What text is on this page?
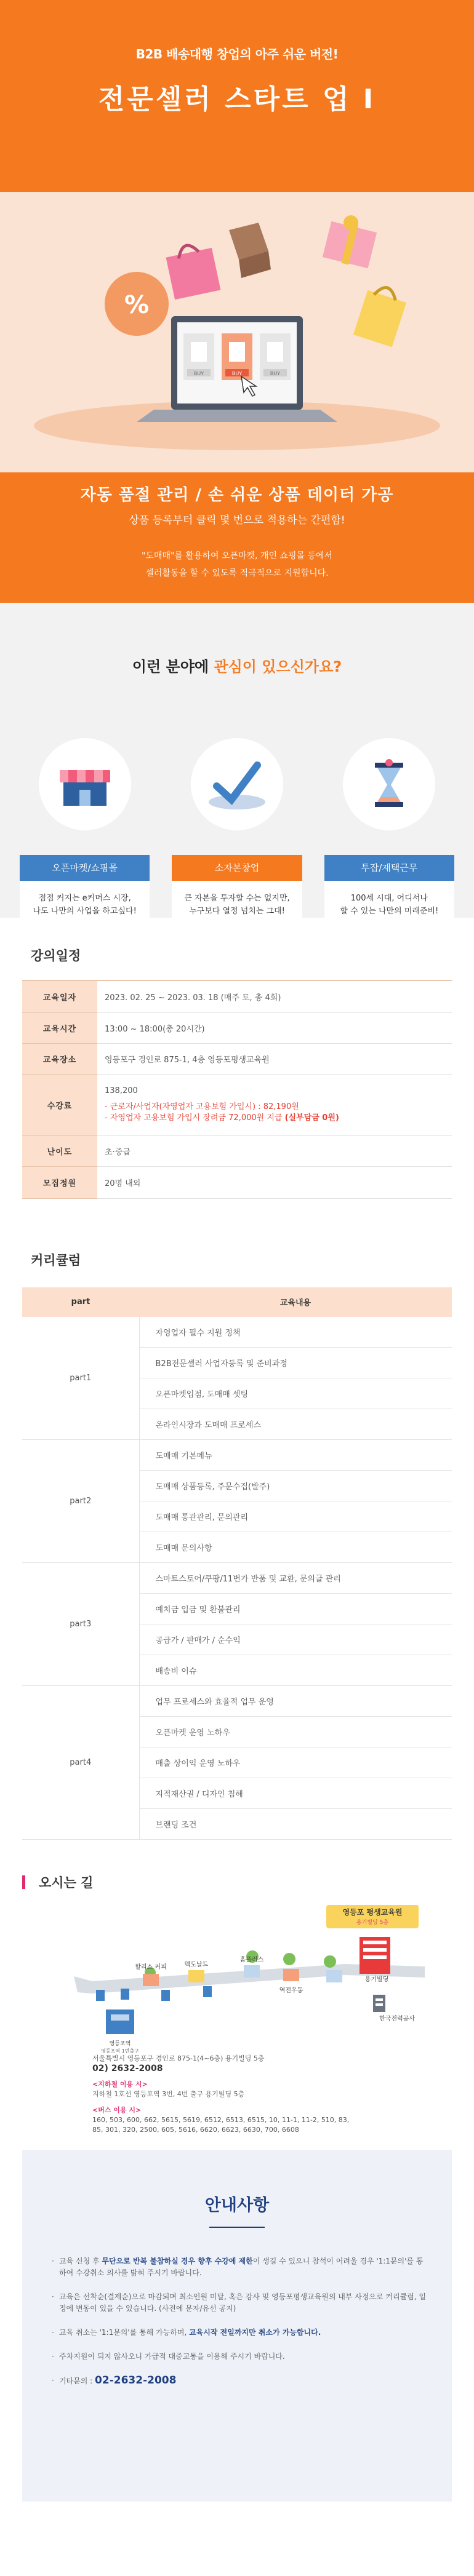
B2B 배송대행 창업의 아주 쉬운 버전!
전문셀러 스타트 업 Ⅰ
%
BUY	BUY	BUY
자동 품절 관리 / 손 쉬운 상품 데이터 가공
상품 등록부터 클릭 몇 번으로 적용하는 간편함!
"도매매"를 활용하여 오픈마켓, 개인 쇼핑몰 등에서
셀러활동을 할 수 있도록 적극적으로 지원합니다.
이런 분야에 관심이 있으신가요?
오픈마켓/쇼핑몰
점점 커지는 e커머스 시장,
나도 나만의 사업을 하고싶다!
소자본창업
큰 자본을 투자할 수는 없지만,
누구보다 열정 넘치는 그대!
투잡/재택근무
100세 시대, 어디서나
할 수 있는 나만의 미래준비!
강의일정
교육일자	2023. 02. 25 ~ 2023. 03. 18 (매주 토, 총 4회)
교육시간	13:00 ~ 18:00(총 20시간)
교육장소	영등포구 경인로 875-1, 4층 영등포평생교육원
수강료	138,200
- 근로자/사업자(자영업자 고용보험 가입시) : 82,190원
- 자영업자 고용보험 가입시 장려금 72,000원 지급 (실부담금 0원)

난이도	초·중급
모집정원	20명 내외
커리큘럼
part	교육내용
part1	자영업자 필수 지원 정책
	B2B전문셀러 사업자등록 및 준비과정
	오픈마켓입점, 도매매 셋팅
	온라인시장과 도매매 프로세스
part2	도매매 기본메뉴
	도매매 상품등록, 주문수집(발주)
	도매매 통관관리, 문의관리
	도매매 문의사항
part3	스마트스토어/쿠팡/11번가 반품 및 교환, 문의글 관리
	예치금 입금 및 환불관리
	공급가 / 판매가 / 순수익
	배송비 이슈
part4	업무 프로세스와 효율적 업무 운영
	오픈마켓 운영 노하우
	매출 상이익 운영 노하우
	지적재산권 / 디자인 침해
	브랜딩 조건
오시는 길
영등포 평생교육원
용기빌딩 5층
용기빌딩
할리스 커피	맥도날드
홈플러스
역전우동
영등포역
영등포역 1번출구
한국전력공사
서울특별시 영등포구 경인로 875-1(4~6층) 용기빌딩 5층
02) 2632-2008
<지하철 이용 시>
지하철 1호선 영등포역 3번, 4번 출구 용기빌딩 5층
<버스 이용 시>
160, 503, 600, 662, 5615, 5619, 6512, 6513, 6515, 10, 11-1, 11-2, 510, 83,
85, 301, 320, 2500, 605, 5616, 6620, 6623, 6630, 700, 6608
안내사항
· 교육 신청 후 무단으로 반복 불참하실 경우 향후 수강에 제한이 생길 수 있으니 참석이 어려울 경우 '1:1문의'를 통하여 수강취소 의사를 밝혀 주시기 바랍니다.
· 교육은 선착순(결제순)으로 마감되며 최소인원 미달, 혹은 강사 및 영등포평생교육원의 내부 사정으로 커리큘럼, 일정에 변동이 있을 수 있습니다. (사전에 문자/유선 공지)
· 교육 취소는 '1:1문의'를 통해 가능하며, 교육시작 전일까지만 취소가 가능합니다.
· 주차지원이 되지 않사오니 가급적 대중교통을 이용해 주시기 바랍니다.
· 기타문의 : 02-2632-2008
